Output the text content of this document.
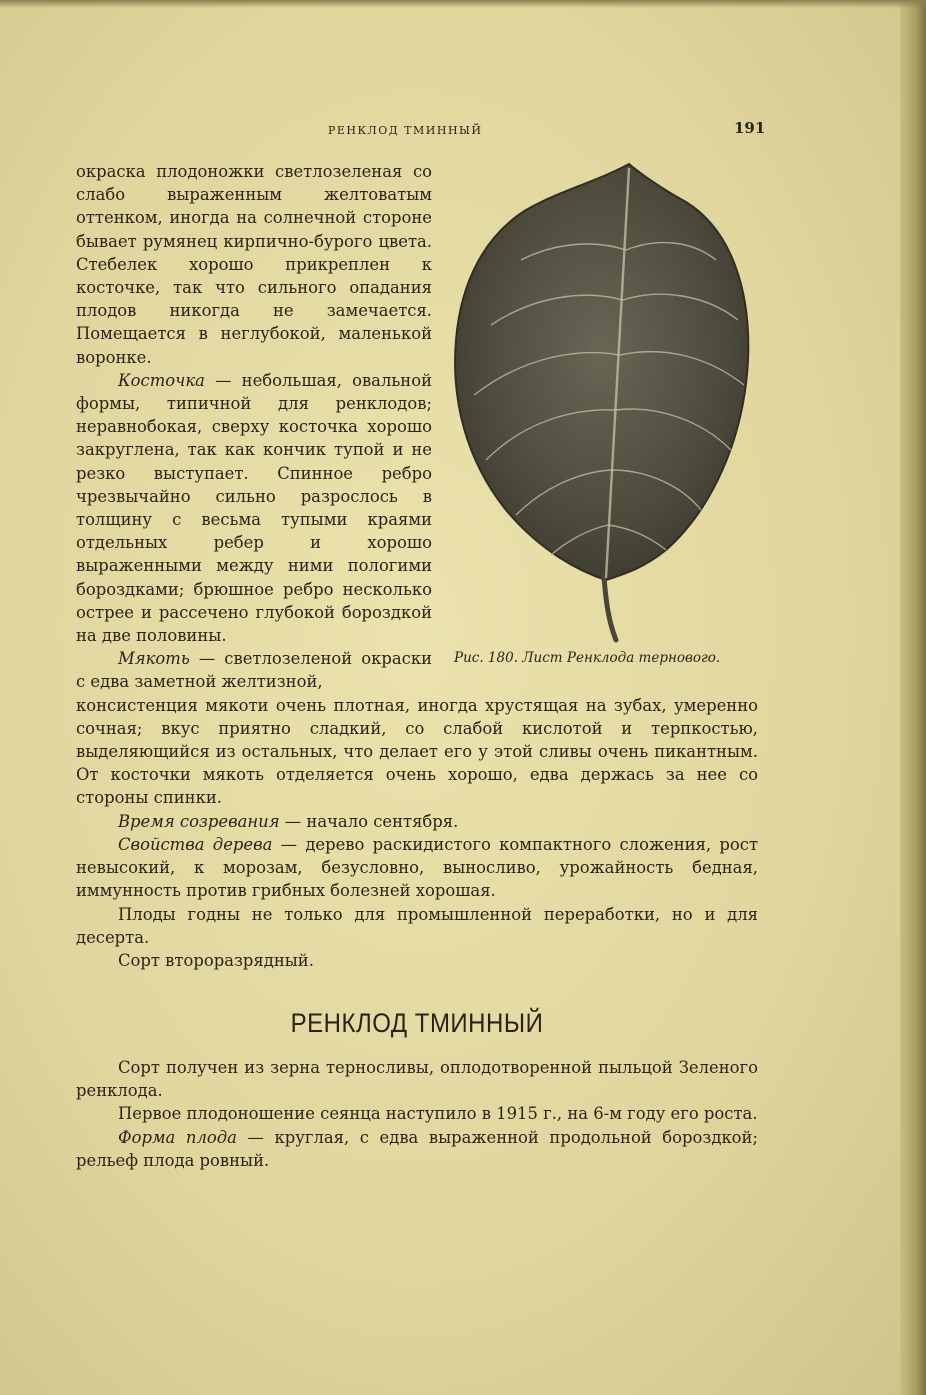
РЕНКЛОД ТМИННЫЙ	191
Рис. 180. Лист Ренклода тернового.

окраска плодоножки светлозеленая со слабо выраженным желтоватым оттенком, иногда на солнечной стороне бывает румянец кирпично-бурого цвета. Стебелек хорошо прикреплен к косточке, так что сильного опадания плодов никогда не замечается. Помещается в неглубокой, маленькой воронке.

Косточка — небольшая, овальной формы, типичной для ренклодов; неравнобокая, сверху косточка хорошо закруглена, так как кончик тупой и не резко выступает. Спинное ребро чрезвычайно сильно разрослось в толщину с весьма тупыми краями отдельных ребер и хорошо выраженными между ними пологими бороздками; брюшное ребро несколько острее и рассечено глубокой бороздкой на две половины.

Мякоть — светлозеленой окраски с едва заметной желтизной,

консистенция мякоти очень плотная, иногда хрустящая на зубах, умеренно сочная; вкус приятно сладкий, со слабой кислотой и терпкостью, выделяющийся из остальных, что делает его у этой сливы очень пикантным. От косточки мякоть отделяется очень хорошо, едва держась за нее со стороны спинки.

Время созревания — начало сентября.

Свойства дерева — дерево раскидистого компактного сложения, рост невысокий, к морозам, безусловно, выносливо, урожайность бедная, иммунность против грибных болезней хорошая.

Плоды годны не только для промышленной переработки, но и для десерта.

Сорт второразрядный.

РЕНКЛОД ТМИННЫЙ

Сорт получен из зерна терносливы, оплодотворенной пыльцой Зеленого ренклода.

Первое плодоношение сеянца наступило в 1915 г., на 6-м году его роста.

Форма плода — круглая, с едва выраженной продольной бороздкой; рельеф плода ровный.
